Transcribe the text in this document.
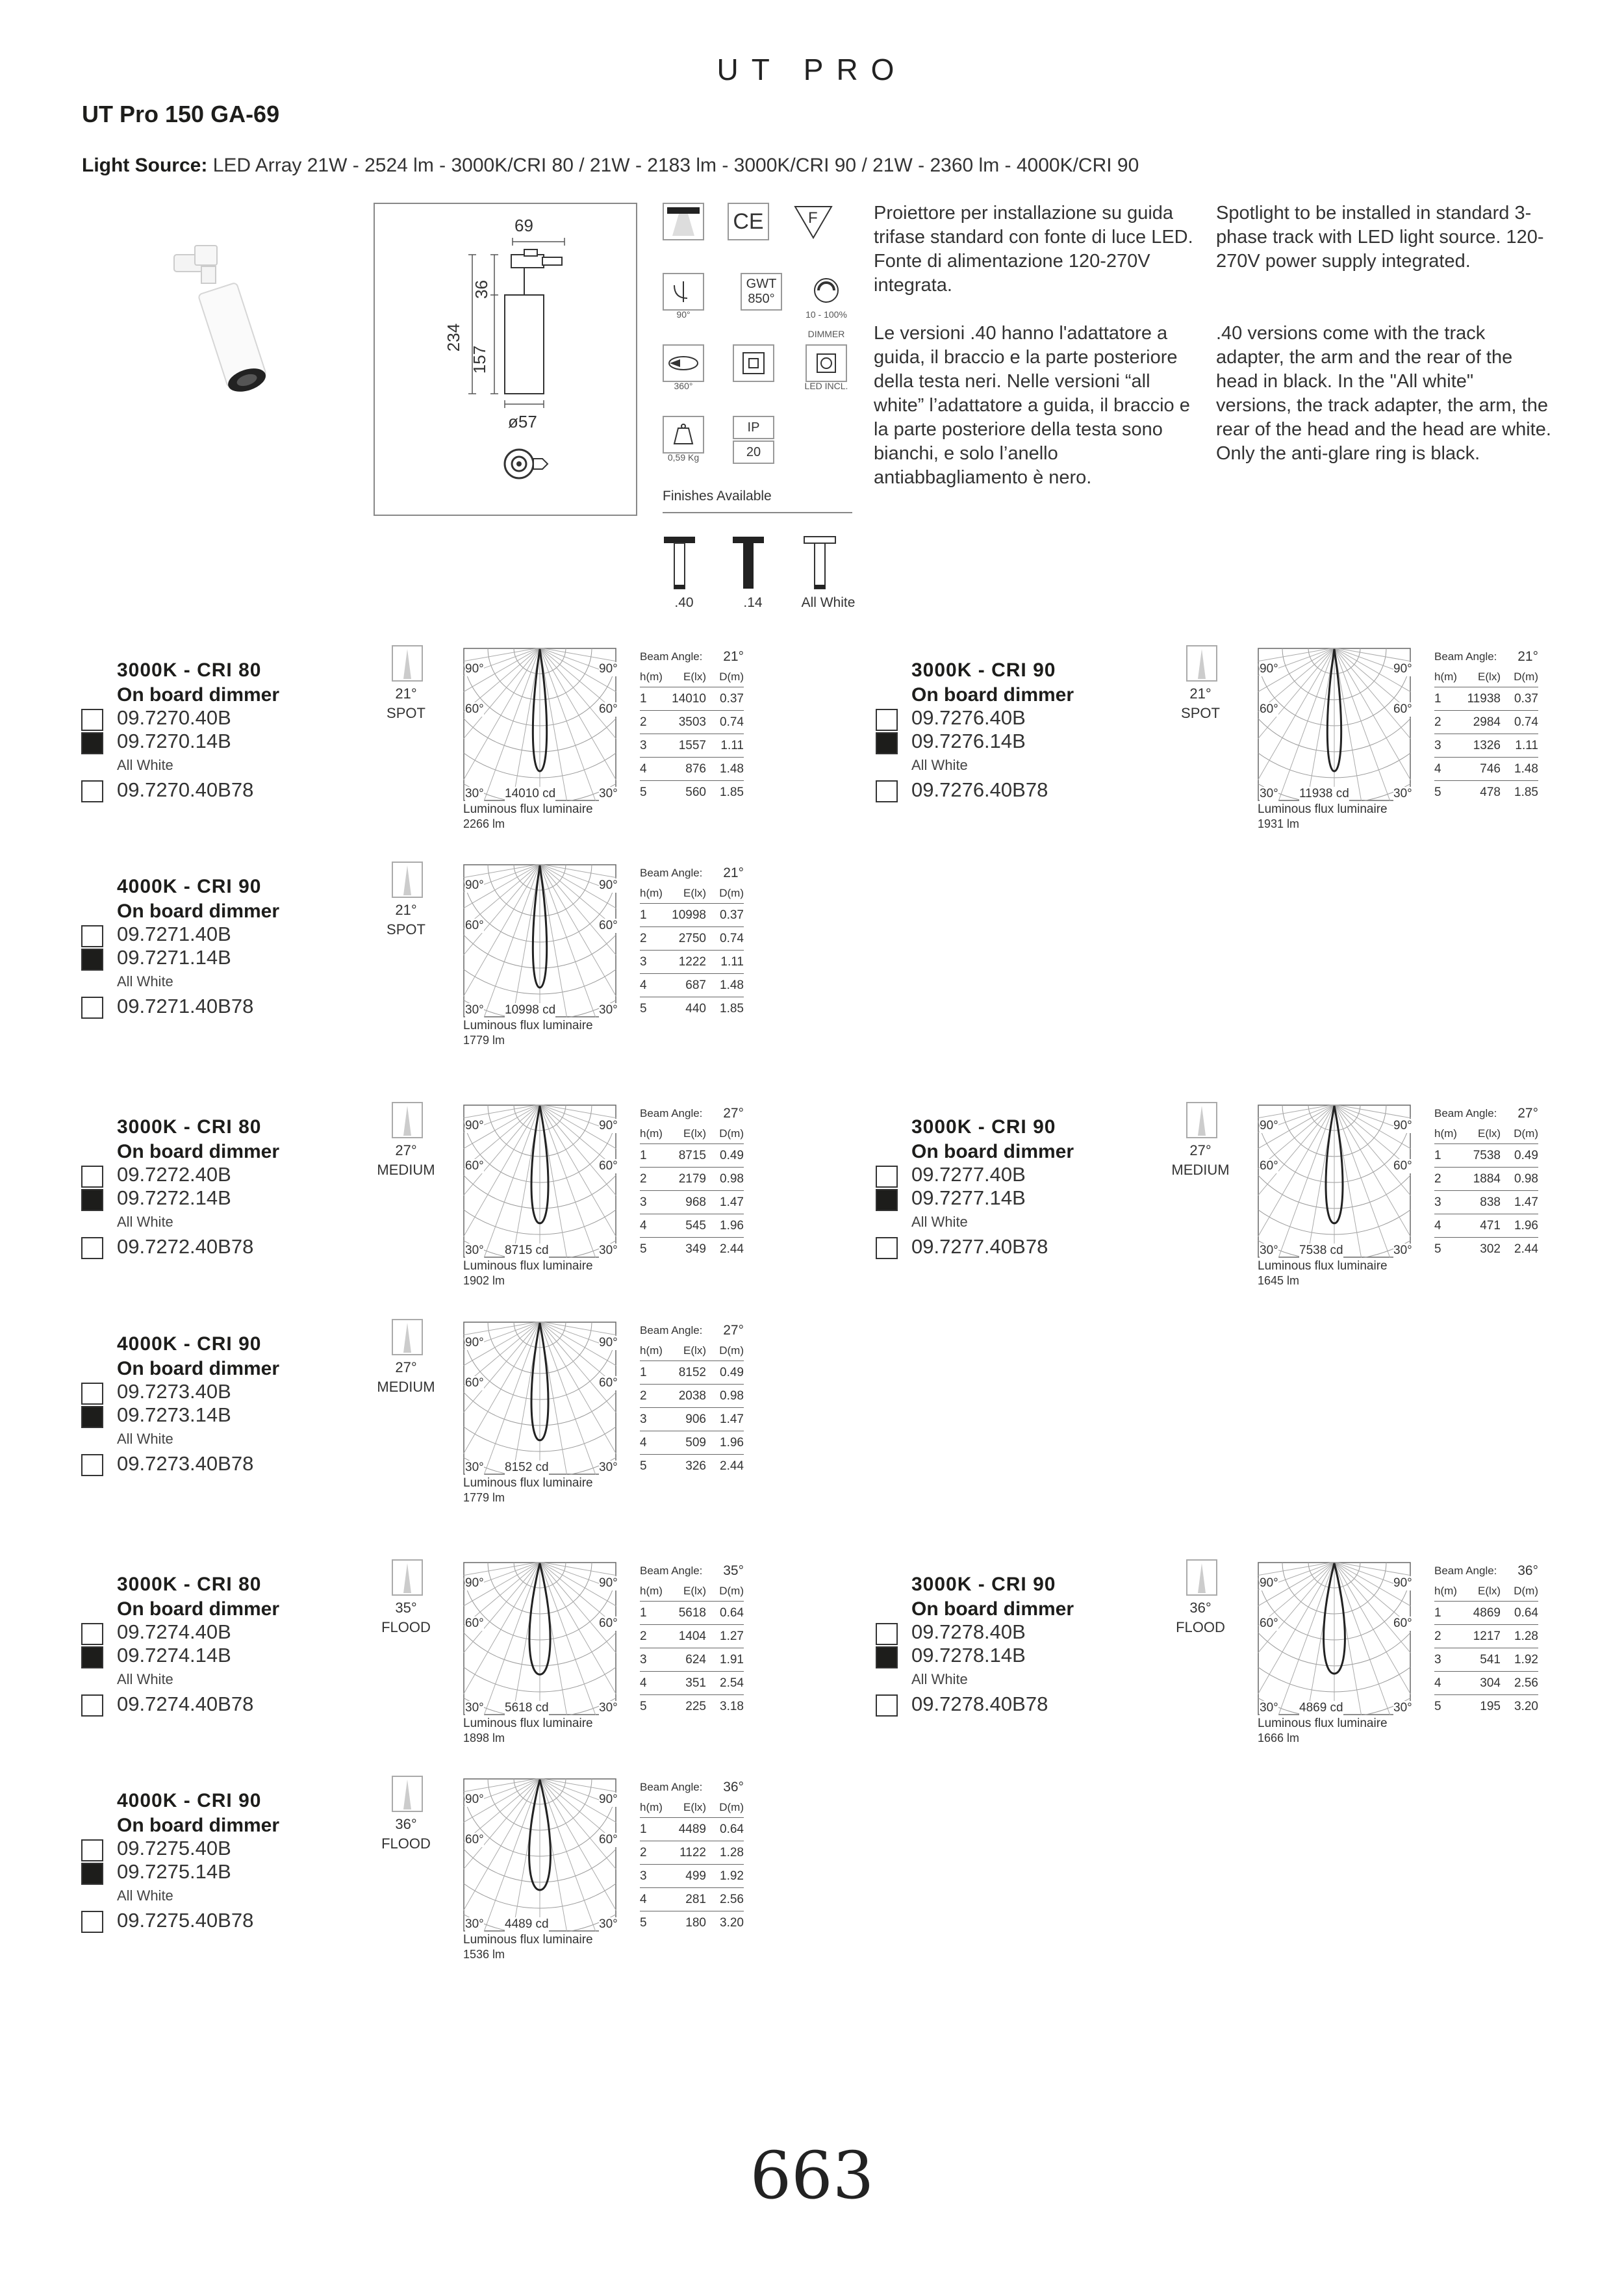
UT PRO
UT Pro 150 GA-69
Light Source: LED Array 21W - 2524 lm - 3000K/CRI 80 / 21W - 2183 lm - 3000K/CRI 90 / 21W - 2360 lm - 4000K/CRI 90
69
36
234
157
ø57
CE	F
90°
GWT
850°
10 - 100%
DIMMER
360°	LED INCL.
0,59 Kg
IP
20
Finishes Available
.40	.14	All White
Proiettore per installazione su guida trifase standard con fonte di luce LED. Fonte di alimentazione 120-270V integrata.
Le versioni .40 hanno l'adattatore a guida, il braccio e la parte posteriore della testa neri. Nelle versioni “all white” l’adattatore a guida, il braccio e la parte posteriore della testa sono bianchi, e solo l’anello antiabbagliamento è nero.
Spotlight to be installed in standard 3-phase track with LED light source. 120-270V power supply integrated.
.40 versions come with the track adapter, the arm and the rear of the head in black. In the "All white" versions, the track adapter, the arm, the rear of the head and the head are white. Only the anti-glare ring is black.
3000K - CRI 80
On board dimmer
09.7270.40B
09.7270.14B
09.7270.40B78
All White
21°
SPOT
90°	90°
60°	60°
30°	30°
14010 cd
Luminous flux luminaire
2266 lm
Beam Angle: 21°
h(m)	E(lx)	D(m)
1	14010	0.37
2	3503	0.74
3	1557	1.11
4	876	1.48
5	560	1.85
3000K - CRI 90
On board dimmer
09.7276.40B
09.7276.14B
09.7276.40B78
All White
21°
SPOT
90°	90°
60°	60°
30°	30°
11938 cd
Luminous flux luminaire
1931 lm
Beam Angle: 21°
h(m)	E(lx)	D(m)
1	11938	0.37
2	2984	0.74
3	1326	1.11
4	746	1.48
5	478	1.85
4000K - CRI 90
On board dimmer
09.7271.40B
09.7271.14B
09.7271.40B78
All White
21°
SPOT
90°	90°
60°	60°
30°	30°
10998 cd
Luminous flux luminaire
1779 lm
Beam Angle: 21°
h(m)	E(lx)	D(m)
1	10998	0.37
2	2750	0.74
3	1222	1.11
4	687	1.48
5	440	1.85
3000K - CRI 80
On board dimmer
09.7272.40B
09.7272.14B
09.7272.40B78
All White
27°
MEDIUM
90°	90°
60°	60°
30°	30°
8715 cd
Luminous flux luminaire
1902 lm
Beam Angle: 27°
h(m)	E(lx)	D(m)
1	8715	0.49
2	2179	0.98
3	968	1.47
4	545	1.96
5	349	2.44
3000K - CRI 90
On board dimmer
09.7277.40B
09.7277.14B
09.7277.40B78
All White
27°
MEDIUM
90°	90°
60°	60°
30°	30°
7538 cd
Luminous flux luminaire
1645 lm
Beam Angle: 27°
h(m)	E(lx)	D(m)
1	7538	0.49
2	1884	0.98
3	838	1.47
4	471	1.96
5	302	2.44
4000K - CRI 90
On board dimmer
09.7273.40B
09.7273.14B
09.7273.40B78
All White
27°
MEDIUM
90°	90°
60°	60°
30°	30°
8152 cd
Luminous flux luminaire
1779 lm
Beam Angle: 27°
h(m)	E(lx)	D(m)
1	8152	0.49
2	2038	0.98
3	906	1.47
4	509	1.96
5	326	2.44
3000K - CRI 80
On board dimmer
09.7274.40B
09.7274.14B
09.7274.40B78
All White
35°
FLOOD
90°	90°
60°	60°
30°	30°
5618 cd
Luminous flux luminaire
1898 lm
Beam Angle: 35°
h(m)	E(lx)	D(m)
1	5618	0.64
2	1404	1.27
3	624	1.91
4	351	2.54
5	225	3.18
3000K - CRI 90
On board dimmer
09.7278.40B
09.7278.14B
09.7278.40B78
All White
36°
FLOOD
90°	90°
60°	60°
30°	30°
4869 cd
Luminous flux luminaire
1666 lm
Beam Angle: 36°
h(m)	E(lx)	D(m)
1	4869	0.64
2	1217	1.28
3	541	1.92
4	304	2.56
5	195	3.20
4000K - CRI 90
On board dimmer
09.7275.40B
09.7275.14B
09.7275.40B78
All White
36°
FLOOD
90°	90°
60°	60°
30°	30°
4489 cd
Luminous flux luminaire
1536 lm
Beam Angle: 36°
h(m)	E(lx)	D(m)
1	4489	0.64
2	1122	1.28
3	499	1.92
4	281	2.56
5	180	3.20
663
